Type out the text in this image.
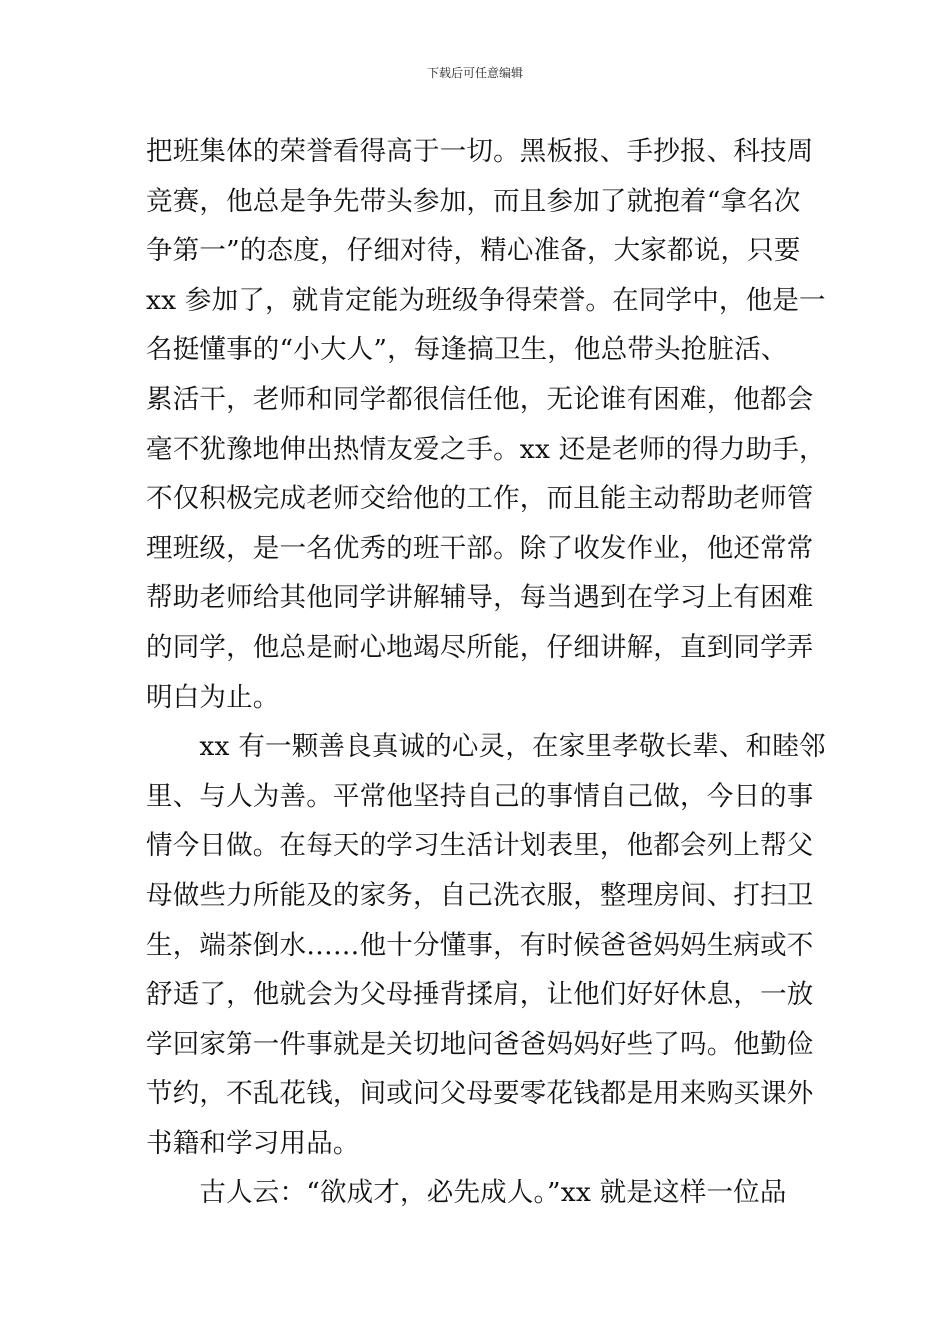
下载后可任意编辑
把班集体的荣誉看得高于一切。黑板报、手抄报、科技周
竞赛，他总是争先带头参加，而且参加了就抱着“拿名次
争第一”的态度，仔细对待，精心准备，大家都说，只要
xx 参加了，就肯定能为班级争得荣誉。在同学中，他是一
名挺懂事的“小大人”，每逢搞卫生，他总带头抢脏活、
累活干，老师和同学都很信任他，无论谁有困难，他都会
毫不犹豫地伸出热情友爱之手。xx 还是老师的得力助手，
不仅积极完成老师交给他的工作，而且能主动帮助老师管
理班级，是一名优秀的班干部。除了收发作业，他还常常
帮助老师给其他同学讲解辅导，每当遇到在学习上有困难
的同学，他总是耐心地竭尽所能，仔细讲解，直到同学弄
明白为止。
　　xx 有一颗善良真诚的心灵，在家里孝敬长辈、和睦邻
里、与人为善。平常他坚持自己的事情自己做，今日的事
情今日做。在每天的学习生活计划表里，他都会列上帮父
母做些力所能及的家务，自己洗衣服，整理房间、打扫卫
生，端茶倒水……他十分懂事，有时候爸爸妈妈生病或不
舒适了，他就会为父母捶背揉肩，让他们好好休息，一放
学回家第一件事就是关切地问爸爸妈妈好些了吗。他勤俭
节约，不乱花钱，间或问父母要零花钱都是用来购买课外
书籍和学习用品。
　　古人云：“欲成才，必先成人。”xx 就是这样一位品
